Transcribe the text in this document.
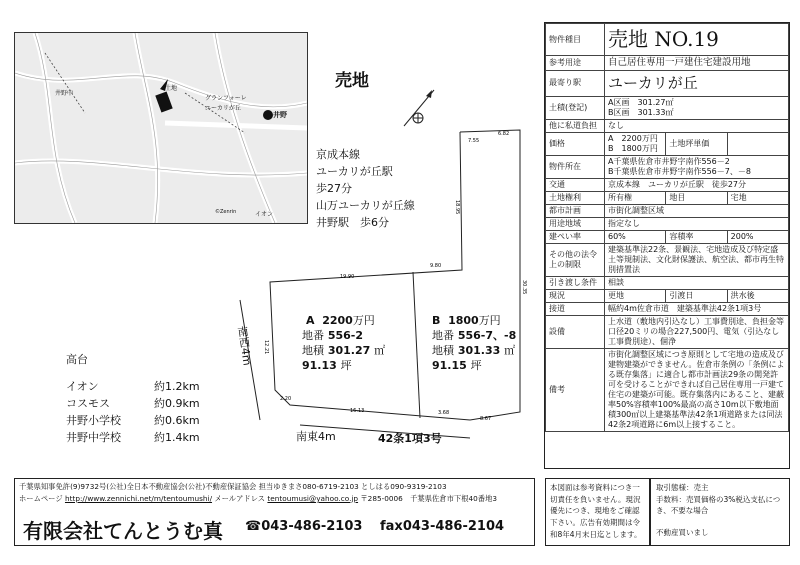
グランフォーレ
ユーカリが丘
井野
井野中
土地
イオン
©Zenrin
売地
京成本線
ユーカリが丘駅
歩27分
山万ユーカリが丘線
井野駅　歩6分
7.55
6.82
18.95
19.90
9.80
30.35
12.21
2.20
16.13	3.68
8.67
A 2200万円
地番 556-2
地積 301.27 ㎡
91.13 坪
B 1800万円
地番 556-7、-8
地積 301.33 ㎡
91.15 坪
南西4m
南東4m	42条1項3号
高台
イオン	約1.2km
コスモス	約0.9km
井野小学校	約0.6km
井野中学校	約1.4km
物件種目	売地 NO.19		
参考用途	自己居住専用一戸建住宅建設用地		
最寄り駅	ユーカリが丘		
土積(登記)	A区画　301.27㎡
B区画　301.33㎡		

他に私道負担	なし		
価格	A　2200万円
B　1800万円	土地坪単価	
物件所在	A千葉県佐倉市井野字南作556－2
B千葉県佐倉市井野字南作556－7、－8		

交通	京成本線　ユーカリが丘駅　徒歩27分		
土地権利	所有権	地目	宅地
都市計画	市街化調整区域		
用途地域	指定なし		
建ぺい率	60%	容積率	200%
その他の法令上の制限	建築基準法22条、景観法、宅地造成及び特定盛土等規制法、文化財保護法、航空法、都市再生特別措置法		
引き渡し条件	相談		
現況	更地	引渡日	洪水後
接道	幅約4m佐倉市道　建築基準法42条1項3号		
設備	上水道（敷地内引込なし）工事費別途、負担金等口径20ミリの場合227,500円、電気（引込なし工事費別途）、個浄		
備考	市街化調整区域につき原則として宅地の造成及び建物建築ができません。佐倉市条例の「条例による既存集落」に適合し都市計画法29条の開発許可を受けることができれば自己居住専用一戸建て住宅の建築が可能。既存集落内にあること、建蔽率50%容積率100%最高の高さ10m以下敷地面積300㎡以上建築基準法42条1項道路または同法42条2項道路に6m以上接すること。		
千葉県知事免許(9)9732号(公社)全日本不動産協会(公社)不動産保証協会 担当ゆきまさ080-6719-2103 としはる090-9319-2103
ホームページ http://www.zennichi.net/m/tentoumushi/ メールアドレス tentoumusi@yahoo.co.jp 〒285-0006　千葉県佐倉市下根40番地3
有限会社てんとうむ真 ☎043-486-2103 fax043-486-2104
本図面は参考資料につき一切責任を負いません。現況優先につき、現地をご確認下さい。広告有効期間は令和8年4月末日迄とします。
取引態様：売主
手数料：売買価格の3%税込支払につき、不要な場合
不動産買いまし
